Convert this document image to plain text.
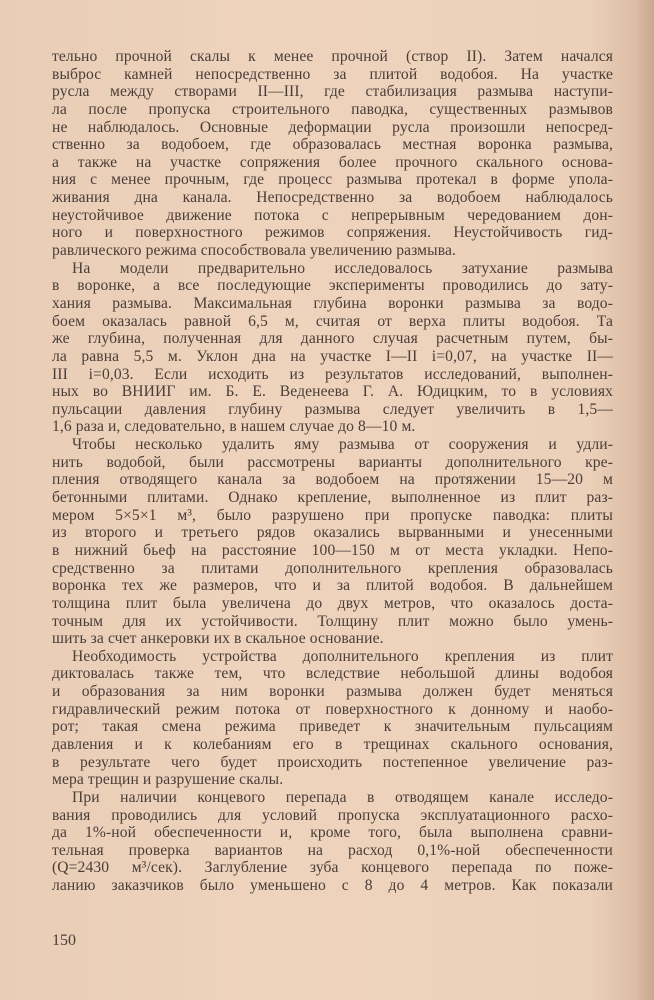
тельно прочной скалы к менее прочной (створ II). Затем начался
выброс камней непосредственно за плитой водобоя. На участке
русла между створами II—III, где стабилизация размыва наступи-
ла после пропуска строительного паводка, существенных размывов
не наблюдалось. Основные деформации русла произошли непосред-
ственно за водобоем, где образовалась местная воронка размыва,
а также на участке сопряжения более прочного скального основа-
ния с менее прочным, где процесс размыва протекал в форме упола-
живания дна канала. Непосредственно за водобоем наблюдалось
неустойчивое движение потока с непрерывным чередованием дон-
ного и поверхностного режимов сопряжения. Неустойчивость гид-
равлического режима способствовала увеличению размыва.
На модели предварительно исследовалось затухание размыва
в воронке, а все последующие эксперименты проводились до зату-
хания размыва. Максимальная глубина воронки размыва за водо-
боем оказалась равной 6,5 м, считая от верха плиты водобоя. Та
же глубина, полученная для данного случая расчетным путем, бы-
ла равна 5,5 м. Уклон дна на участке I—II i=0,07, на участке II—
III i=0,03. Если исходить из результатов исследований, выполнен-
ных во ВНИИГ им. Б. Е. Веденеева Г. А. Юдицким, то в условиях
пульсации давления глубину размыва следует увеличить в 1,5—
1,6 раза и, следовательно, в нашем случае до 8—10 м.
Чтобы несколько удалить яму размыва от сооружения и удли-
нить водобой, были рассмотрены варианты дополнительного кре-
пления отводящего канала за водобоем на протяжении 15—20 м
бетонными плитами. Однако крепление, выполненное из плит раз-
мером 5×5×1 м³, было разрушено при пропуске паводка: плиты
из второго и третьего рядов оказались вырванными и унесенными
в нижний бьеф на расстояние 100—150 м от места укладки. Непо-
средственно за плитами дополнительного крепления образовалась
воронка тех же размеров, что и за плитой водобоя. В дальнейшем
толщина плит была увеличена до двух метров, что оказалось доста-
точным для их устойчивости. Толщину плит можно было умень-
шить за счет анкеровки их в скальное основание.
Необходимость устройства дополнительного крепления из плит
диктовалась также тем, что вследствие небольшой длины водобоя
и образования за ним воронки размыва должен будет меняться
гидравлический режим потока от поверхностного к донному и наобо-
рот; такая смена режима приведет к значительным пульсациям
давления и к колебаниям его в трещинах скального основания,
в результате чего будет происходить постепенное увеличение раз-
мера трещин и разрушение скалы.
При наличии концевого перепада в отводящем канале исследо-
вания проводились для условий пропуска эксплуатационного расхо-
да 1%-ной обеспеченности и, кроме того, была выполнена сравни-
тельная проверка вариантов на расход 0,1%-ной обеспеченности
(Q=2430 м³/сек). Заглубление зуба концевого перепада по поже-
ланию заказчиков было уменьшено с 8 до 4 метров. Как показали
150
